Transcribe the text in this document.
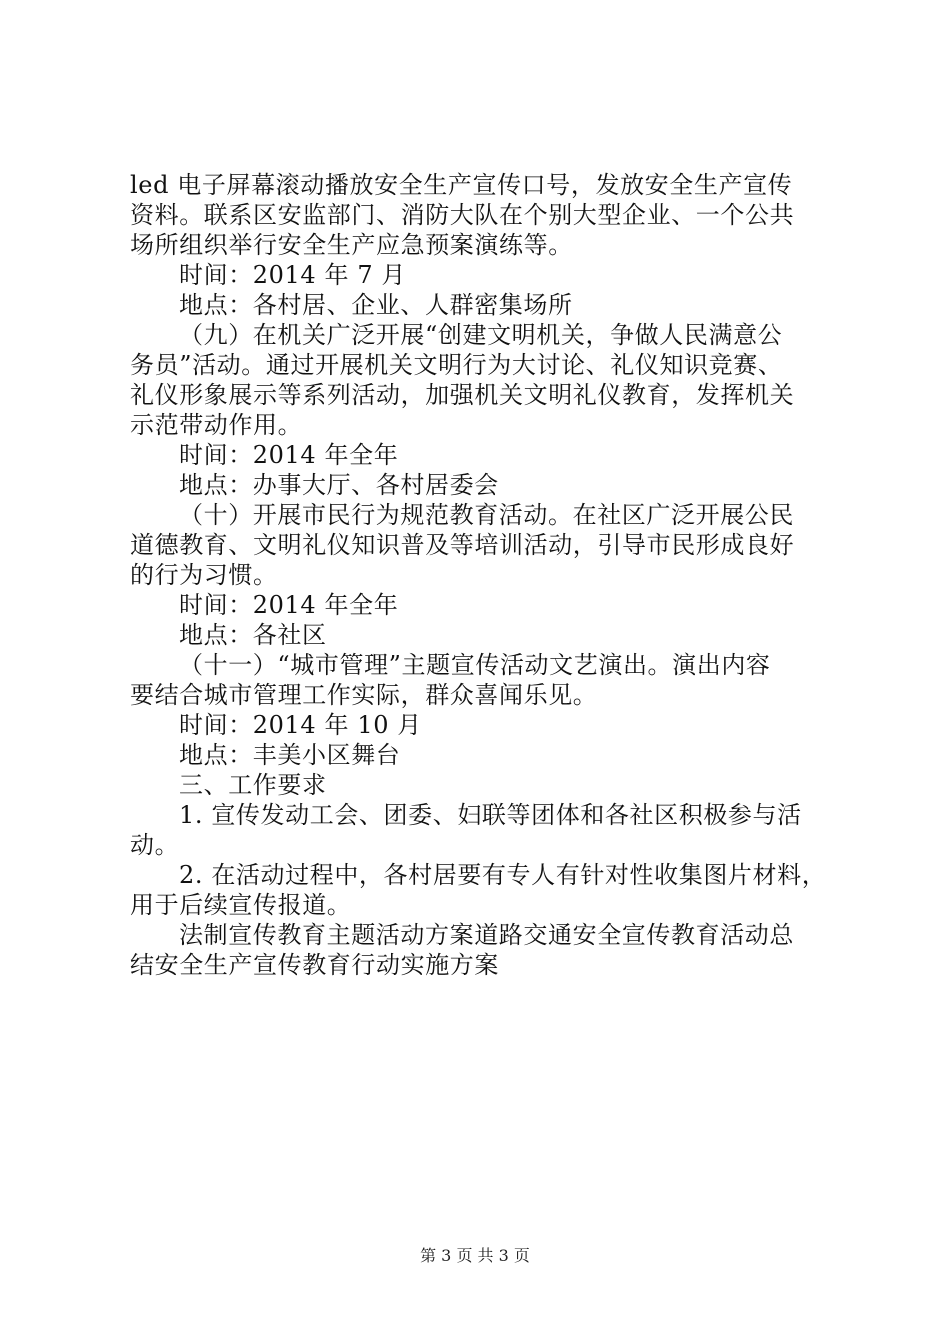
led 电子屏幕滚动播放安全生产宣传口号，发放安全生产宣传
资料。联系区安监部门、消防大队在个别大型企业、一个公共
场所组织举行安全生产应急预案演练等。
时间：2014 年 7 月
地点：各村居、企业、人群密集场所
（九）在机关广泛开展“创建文明机关，争做人民满意公
务员”活动。通过开展机关文明行为大讨论、礼仪知识竞赛、
礼仪形象展示等系列活动，加强机关文明礼仪教育，发挥机关
示范带动作用。
时间：2014 年全年
地点：办事大厅、各村居委会
（十）开展市民行为规范教育活动。在社区广泛开展公民
道德教育、文明礼仪知识普及等培训活动，引导市民形成良好
的行为习惯。
时间：2014 年全年
地点：各社区
（十一）“城市管理”主题宣传活动文艺演出。演出内容
要结合城市管理工作实际，群众喜闻乐见。
时间：2014 年 10 月
地点：丰美小区舞台
三、工作要求
1. 宣传发动工会、团委、妇联等团体和各社区积极参与活
动。
2. 在活动过程中，各村居要有专人有针对性收集图片材料，
用于后续宣传报道。
法制宣传教育主题活动方案道路交通安全宣传教育活动总
结安全生产宣传教育行动实施方案
第 3 页 共 3 页
